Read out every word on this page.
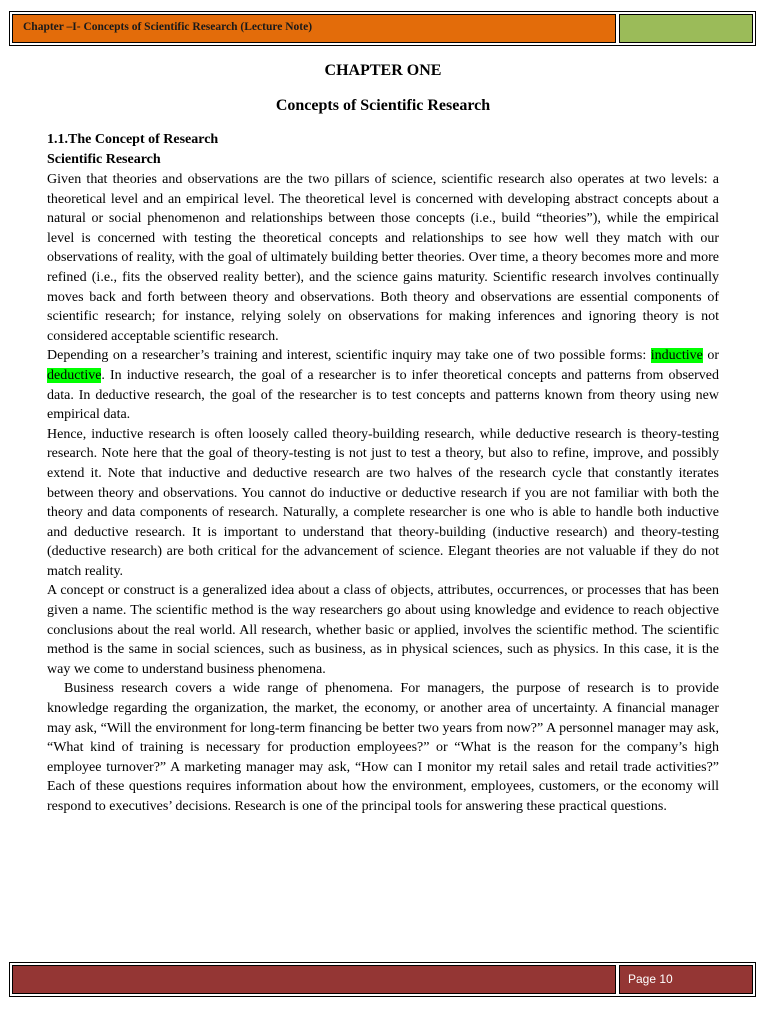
Chapter –I- Concepts of Scientific Research (Lecture Note)

CHAPTER ONE

Concepts of Scientific Research

1.1.The Concept of Research

Scientific Research

Given that theories and observations are the two pillars of science, scientific research also operates at two levels: a theoretical level and an empirical level. The theoretical level is concerned with developing abstract concepts about a natural or social phenomenon and relationships between those concepts (i.e., build “theories”), while the empirical level is concerned with testing the theoretical concepts and relationships to see how well they match with our observations of reality, with the goal of ultimately building better theories. Over time, a theory becomes more and more refined (i.e., fits the observed reality better), and the science gains maturity. Scientific research involves continually moves back and forth between theory and observations. Both theory and observations are essential components of scientific research; for instance, relying solely on observations for making inferences and ignoring theory is not considered acceptable scientific research.

Depending on a researcher’s training and interest, scientific inquiry may take one of two possible forms: inductive or deductive. In inductive research, the goal of a researcher is to infer theoretical concepts and patterns from observed data. In deductive research, the goal of the researcher is to test concepts and patterns known from theory using new empirical data.

Hence, inductive research is often loosely called theory-building research, while deductive research is theory-testing research. Note here that the goal of theory-testing is not just to test a theory, but also to refine, improve, and possibly extend it. Note that inductive and deductive research are two halves of the research cycle that constantly iterates between theory and observations. You cannot do inductive or deductive research if you are not familiar with both the theory and data components of research. Naturally, a complete researcher is one who is able to handle both inductive and deductive research. It is important to understand that theory-building (inductive research) and theory-testing (deductive research) are both critical for the advancement of science. Elegant theories are not valuable if they do not match reality.

A concept or construct is a generalized idea about a class of objects, attributes, occurrences, or processes that has been given a name. The scientific method is the way researchers go about using knowledge and evidence to reach objective conclusions about the real world. All research, whether basic or applied, involves the scientific method. The scientific method is the same in social sciences, such as business, as in physical sciences, such as physics. In this case, it is the way we come to understand business phenomena.

Business research covers a wide range of phenomena. For managers, the purpose of research is to provide knowledge regarding the organization, the market, the economy, or another area of uncertainty. A financial manager may ask, “Will the environment for long-term financing be better two years from now?” A personnel manager may ask, “What kind of training is necessary for production employees?” or “What is the reason for the company’s high employee turnover?” A marketing manager may ask, “How can I monitor my retail sales and retail trade activities?” Each of these questions requires information about how the environment, employees, customers, or the economy will respond to executives’ decisions. Research is one of the principal tools for answering these practical questions.

Page 10
